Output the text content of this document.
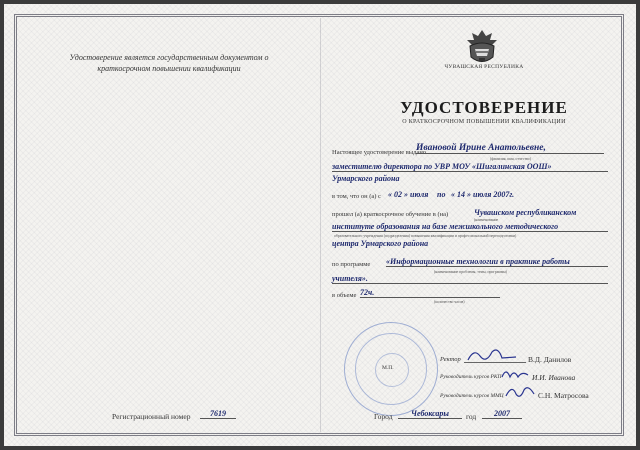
Удостоверение является государственным документом о краткосрочном повышении квалификации	ЧУВАШСКАЯ РЕСПУБЛИКА
УДОСТОВЕРЕНИЕ
О КРАТКОСРОЧНОМ ПОВЫШЕНИИ КВАЛИФИКАЦИИ
Настоящее удостоверение выдано
Ивановой Ирине Анатольевне,
(фамилия, имя, отчество)
заместителю директора по УВР МОУ «Шигалинская ООШ»
Урмарского района
в том, что он (а) с « 02 » июля по « 14 » июля 2007г.
прошел (а) краткосрочное обучение в (на)	Чувашском республиканском
институте образования на базе межшкольного методического
(наименование
образовательного учреждения (подразделения) повышения квалификации и профессиональной переподготовки)
центра Урмарского района
по программе «Информационные технологии в практике работы
(наименование проблемы, темы, программы)
учителя».
в объеме 72ч.
(количество часов)
М.П.
Ректор	В.Д. Данилов
Руководитель курсов РКП	И.И. Иванова
Руководитель курсов ММЦ	С.Н. Матросова
Регистрационный номер	7619	Город	Чебоксары	год	2007
